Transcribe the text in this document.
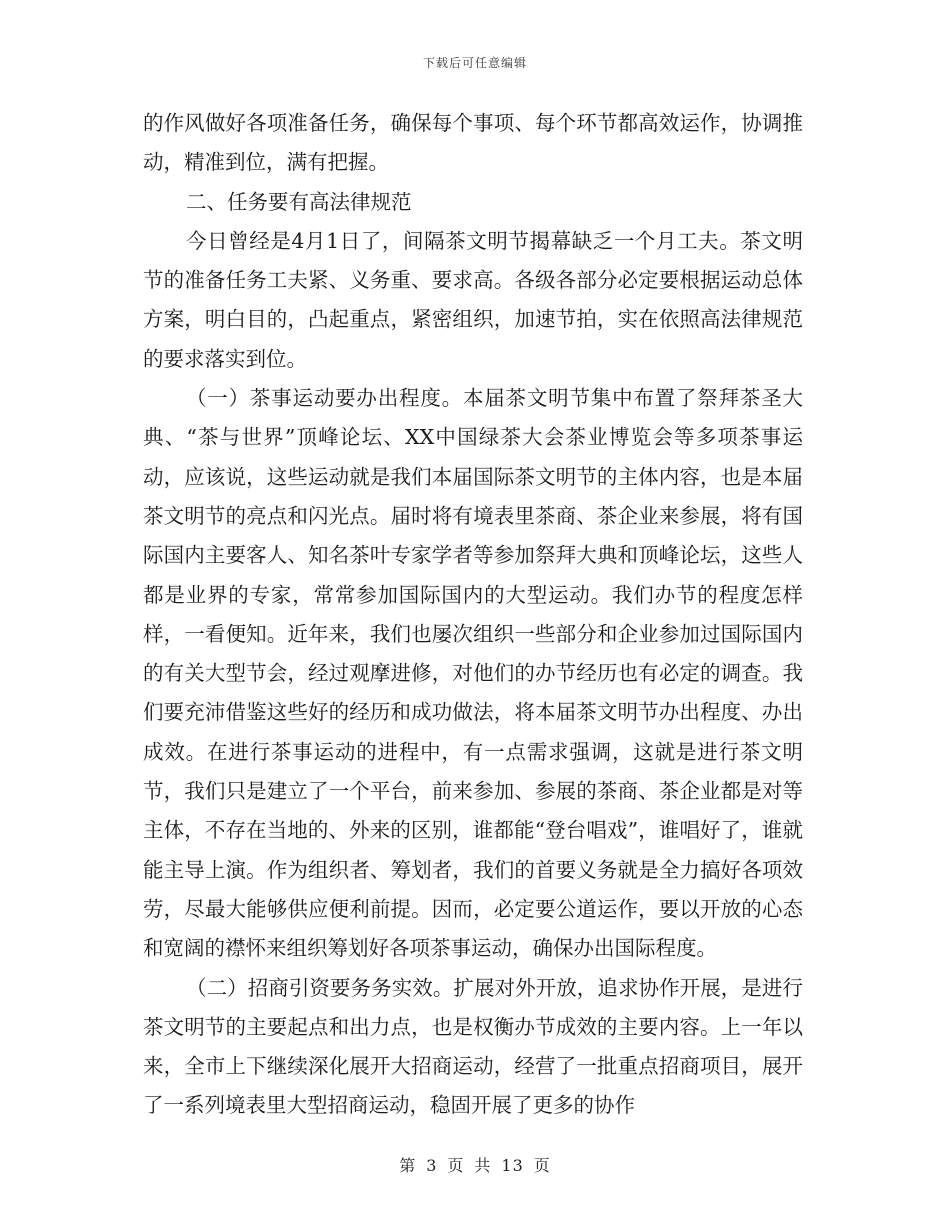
下载后可任意编辑

的作风做好各项准备任务，确保每个事项、每个环节都高效运作，协调推动，精准到位，满有把握。

二、任务要有高法律规范

今日曾经是4月1日了，间隔茶文明节揭幕缺乏一个月工夫。茶文明节的准备任务工夫紧、义务重、要求高。各级各部分必定要根据运动总体方案，明白目的，凸起重点，紧密组织，加速节拍，实在依照高法律规范的要求落实到位。

（一）茶事运动要办出程度。本届茶文明节集中布置了祭拜茶圣大典、“茶与世界”顶峰论坛、XX中国绿茶大会茶业博览会等多项茶事运动，应该说，这些运动就是我们本届国际茶文明节的主体内容，也是本届茶文明节的亮点和闪光点。届时将有境表里茶商、茶企业来参展，将有国际国内主要客人、知名茶叶专家学者等参加祭拜大典和顶峰论坛，这些人都是业界的专家，常常参加国际国内的大型运动。我们办节的程度怎样样，一看便知。近年来，我们也屡次组织一些部分和企业参加过国际国内的有关大型节会，经过观摩进修，对他们的办节经历也有必定的调查。我们要充沛借鉴这些好的经历和成功做法，将本届茶文明节办出程度、办出成效。在进行茶事运动的进程中，有一点需求强调，这就是进行茶文明节，我们只是建立了一个平台，前来参加、参展的茶商、茶企业都是对等主体，不存在当地的、外来的区别，谁都能“登台唱戏”，谁唱好了，谁就能主导上演。作为组织者、筹划者，我们的首要义务就是全力搞好各项效劳，尽最大能够供应便利前提。因而，必定要公道运作，要以开放的心态和宽阔的襟怀来组织筹划好各项茶事运动，确保办出国际程度。

（二）招商引资要务务实效。扩展对外开放，追求协作开展，是进行茶文明节的主要起点和出力点，也是权衡办节成效的主要内容。上一年以来，全市上下继续深化展开大招商运动，经营了一批重点招商项目，展开了一系列境表里大型招商运动，稳固开展了更多的协作

第 3 页 共 13 页
